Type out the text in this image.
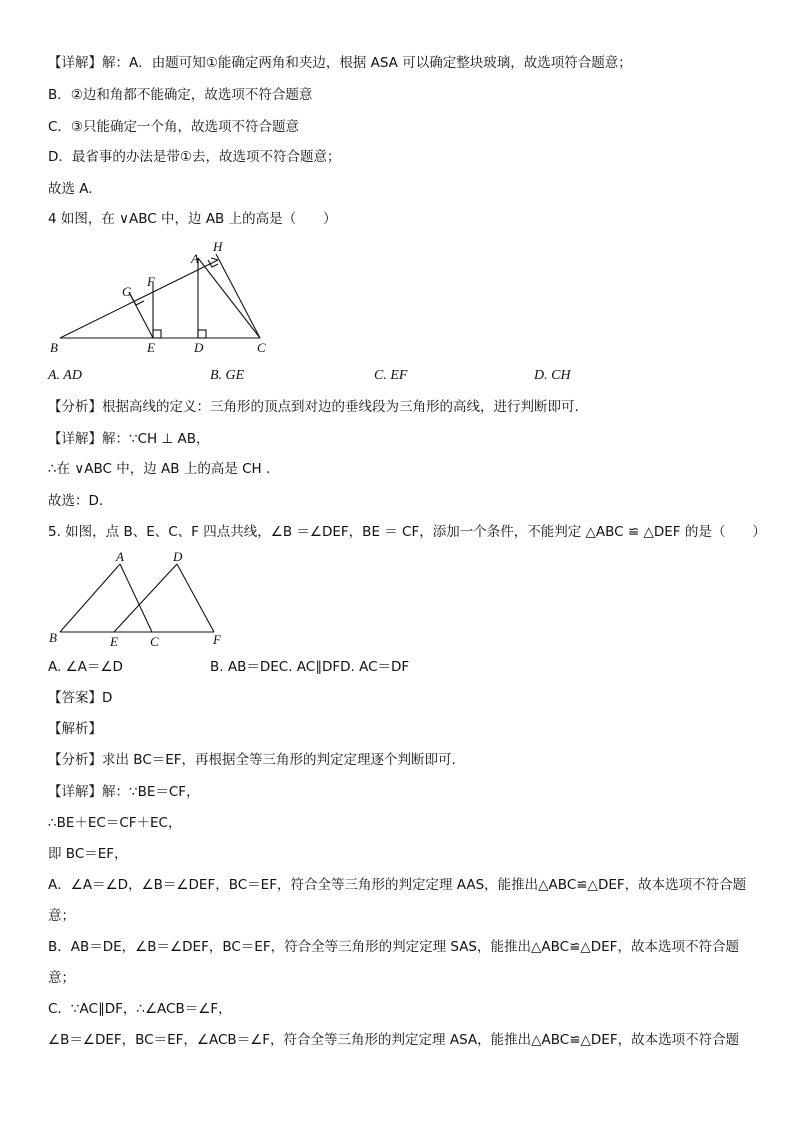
【详解】解：A．由题可知①能确定两角和夹边，根据 ASA 可以确定整块玻璃，故选项符合题意；
B．②边和角都不能确定，故选项不符合题意
C．③只能确定一个角，故选项不符合题意
D．最省事的办法是带①去，故选项不符合题意；
故选 A.
4 如图，在 ∨ABC 中，边 AB 上的高是（　　）
B	E	D	C
G
F
A
H
A. AD	B. GE	C. EF	D. CH
【分析】根据高线的定义：三角形的顶点到对边的垂线段为三角形的高线，进行判断即可.
【详解】解：∵CH ⊥ AB，
∴在 ∨ABC 中，边 AB 上的高是 CH .
故选：D.
5. 如图，点 B、E、C、F 四点共线，∠B ＝∠DEF，BE ＝ CF，添加一个条件，不能判定 △ABC ≌ △DEF 的是（　　）
A	D
B	E C	F
A. ∠A＝∠D	B. AB＝DEC. AC∥DFD. AC＝DF
【答案】D
【解析】
【分析】求出 BC＝EF，再根据全等三角形的判定定理逐个判断即可.
【详解】解：∵BE＝CF，
∴BE＋EC＝CF＋EC，
即 BC＝EF，
A．∠A＝∠D，∠B＝∠DEF，BC＝EF，符合全等三角形的判定定理 AAS，能推出△ABC≌△DEF，故本选项不符合题
意；
B．AB＝DE，∠B＝∠DEF，BC＝EF，符合全等三角形的判定定理 SAS，能推出△ABC≌△DEF，故本选项不符合题
意；
C．∵AC∥DF，∴∠ACB＝∠F，
∠B＝∠DEF，BC＝EF，∠ACB＝∠F，符合全等三角形的判定定理 ASA，能推出△ABC≌△DEF，故本选项不符合题
